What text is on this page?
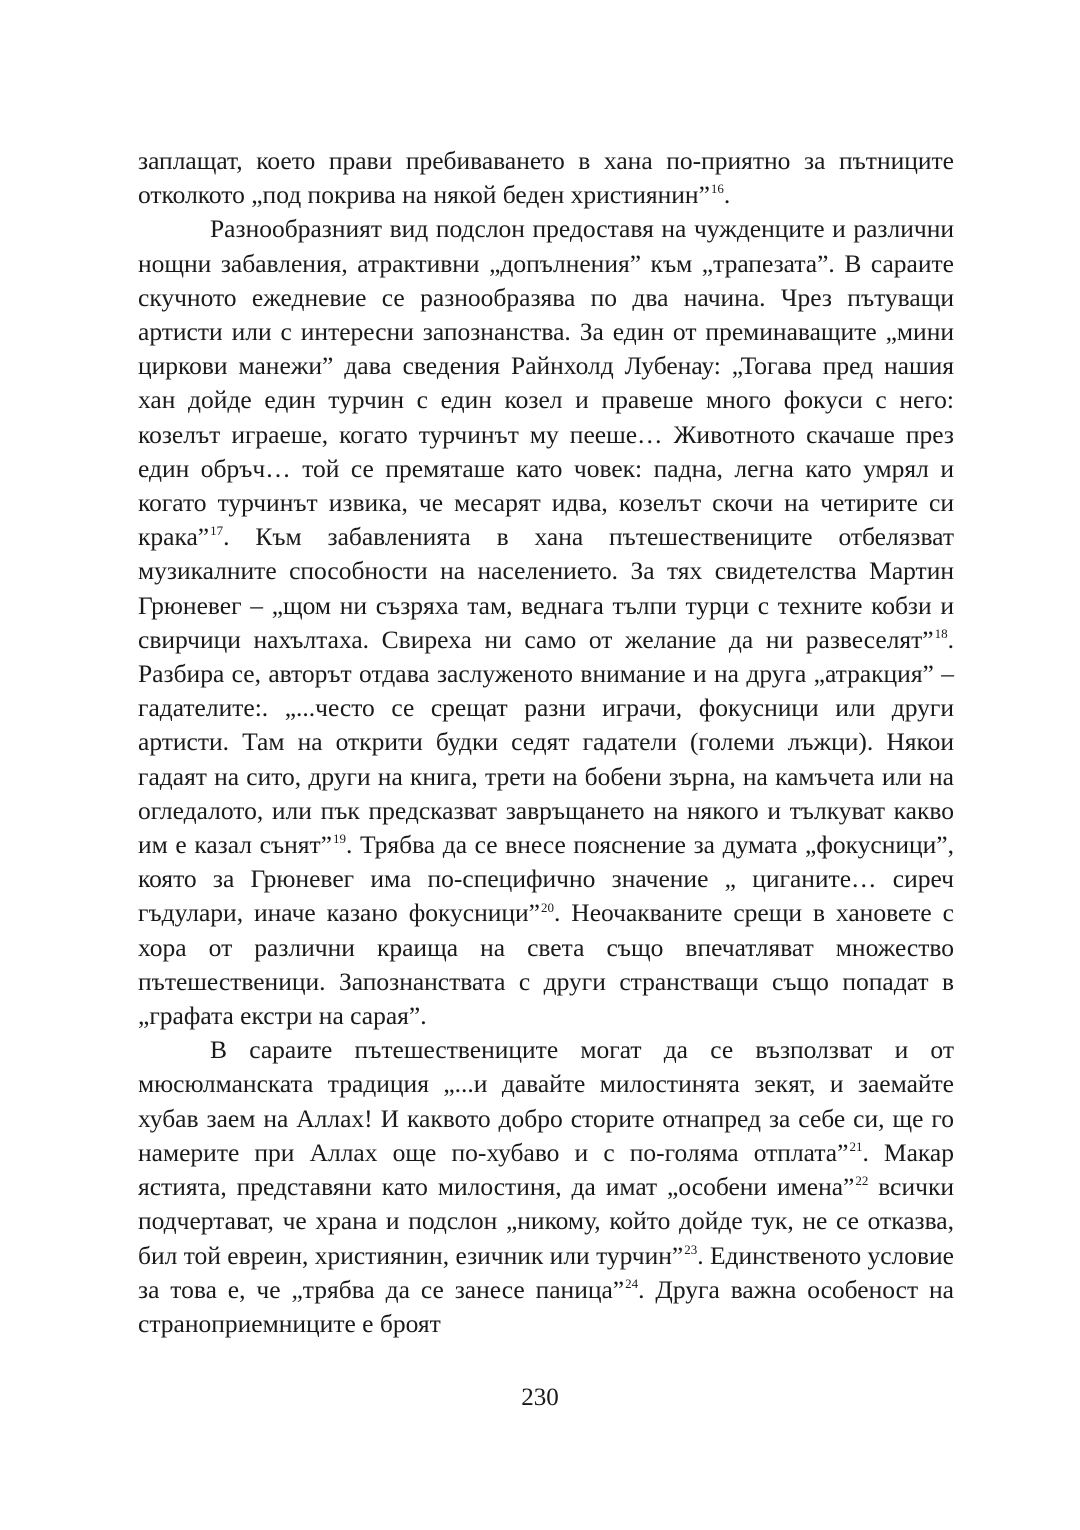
заплащат, което прави пребиваването в хана по-приятно за пътниците отколкото „под покрива на някой беден християнин”$^{16}$.

Разнообразният вид подслон предоставя на чужденците и различни нощни забавления, атрактивни „допълнения” към „трапезата”. В сараите скучното ежедневие се разнообразява по два начина. Чрез пътуващи артисти или с интересни запознанства. За един от преминаващите „мини циркови манежи” дава сведения Райнхолд Лубенау: „Тогава пред нашия хан дойде един турчин с един козел и правеше много фокуси с него: козелът играеше, когато турчинът му пееше… Животното скачаше през един обръч… той се премяташе като човек: падна, легна като умрял и когато турчинът извика, че месарят идва, козелът скочи на четирите си крака”$^{17}$. Към забавленията в хана пътешествениците отбелязват музикалните способности на населението. За тях свидетелства Мартин Грюневег – „щом ни съзряха там, веднага тълпи турци с техните кобзи и свирчици нахълтаха. Свиреха ни само от желание да ни развеселят”$^{18}$. Разбира се, авторът отдава заслуженото внимание и на друга „атракция” – гадателите:. „...често се срещат разни играчи, фокусници или други артисти. Там на открити будки седят гадатели (големи лъжци). Някои гадаят на сито, други на книга, трети на бобени зърна, на камъчета или на огледалото, или пък предсказват завръщането на някого и тълкуват какво им е казал сънят”$^{19}$. Трябва да се внесе пояснение за думата „фокусници”, която за Грюневег има по-специфично значение „ циганите… сиреч гъдулари, иначе казано фокусници”$^{20}$. Неочакваните срещи в хановете с хора от различни краища на света също впечатляват множество пътешественици. Запознанствата с други странстващи също попадат в „графата екстри на сарая”.

В сараите пътешествениците могат да се възползват и от мюсюлманската традиция „...и давайте милостинята зекят, и заемайте хубав заем на Аллах! И каквото добро сторите отнапред за себе си, ще го намерите при Аллах още по-хубаво и с по-голяма отплата”$^{21}$. Макар ястията, представяни като милостиня, да имат „особени имена”$^{22}$ всички подчертават, че храна и подслон „никому, който дойде тук, не се отказва, бил той евреин, християнин, езичник или турчин”$^{23}$. Единственото условие за това е, че „трябва да се занесе паница”$^{24}$. Друга важна особеност на страноприемниците е броят

230
